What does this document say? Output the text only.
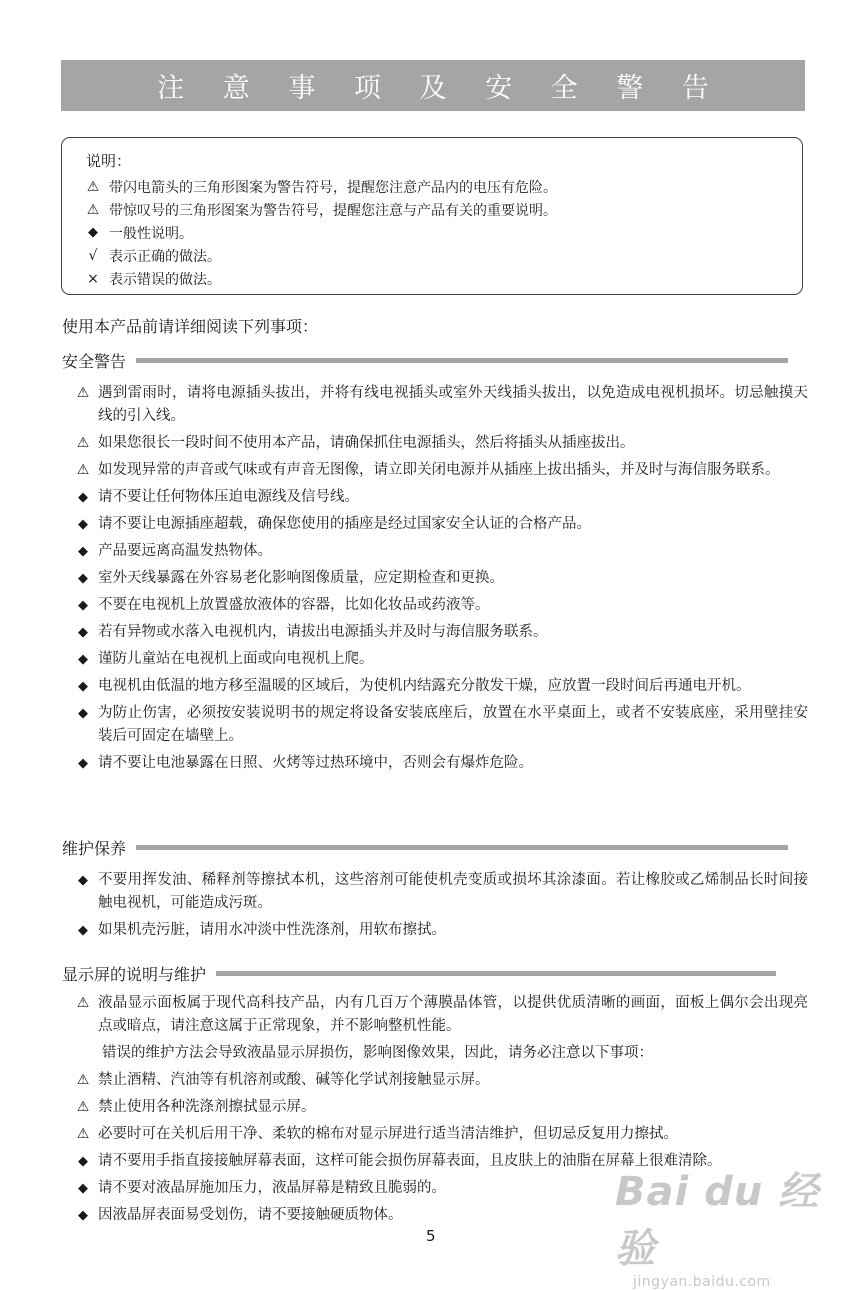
注 意 事 项 及 安 全 警 告
说明：
⚠ 带闪电箭头的三角形图案为警告符号，提醒您注意产品内的电压有危险。
⚠ 带惊叹号的三角形图案为警告符号，提醒您注意与产品有关的重要说明。
◆ 一般性说明。
√ 表示正确的做法。
× 表示错误的做法。
使用本产品前请详细阅读下列事项：
安全警告
⚠ 遇到雷雨时，请将电源插头拔出，并将有线电视插头或室外天线插头拔出，以免造成电视机损坏。切忌触摸天线的引入线。
⚠ 如果您很长一段时间不使用本产品，请确保抓住电源插头，然后将插头从插座拔出。
⚠ 如发现异常的声音或气味或有声音无图像，请立即关闭电源并从插座上拔出插头，并及时与海信服务联系。
◆ 请不要让任何物体压迫电源线及信号线。
◆ 请不要让电源插座超载，确保您使用的插座是经过国家安全认证的合格产品。
◆ 产品要远离高温发热物体。
◆ 室外天线暴露在外容易老化影响图像质量，应定期检查和更换。
◆ 不要在电视机上放置盛放液体的容器，比如化妆品或药液等。
◆ 若有异物或水落入电视机内，请拔出电源插头并及时与海信服务联系。
◆ 谨防儿童站在电视机上面或向电视机上爬。
◆ 电视机由低温的地方移至温暖的区域后，为使机内结露充分散发干燥，应放置一段时间后再通电开机。
◆ 为防止伤害，必须按安装说明书的规定将设备安装底座后，放置在水平桌面上，或者不安装底座，采用壁挂安装后可固定在墙壁上。
◆ 请不要让电池暴露在日照、火烤等过热环境中，否则会有爆炸危险。
维护保养
◆ 不要用挥发油、稀释剂等擦拭本机，这些溶剂可能使机壳变质或损坏其涂漆面。若让橡胶或乙烯制品长时间接触电视机，可能造成污斑。
◆ 如果机壳污脏，请用水冲淡中性洗涤剂，用软布擦拭。
显示屏的说明与维护
⚠ 液晶显示面板属于现代高科技产品，内有几百万个薄膜晶体管，以提供优质清晰的画面，面板上偶尔会出现亮点或暗点，请注意这属于正常现象，并不影响整机性能。
错误的维护方法会导致液晶显示屏损伤，影响图像效果，因此，请务必注意以下事项：
⚠ 禁止酒精、汽油等有机溶剂或酸、碱等化学试剂接触显示屏。
⚠ 禁止使用各种洗涤剂擦拭显示屏。
⚠ 必要时可在关机后用干净、柔软的棉布对显示屏进行适当清洁维护，但切忌反复用力擦拭。
◆ 请不要用手指直接接触屏幕表面，这样可能会损伤屏幕表面，且皮肤上的油脂在屏幕上很难清除。
◆ 请不要对液晶屏施加压力，液晶屏幕是精致且脆弱的。
◆ 因液晶屏表面易受划伤，请不要接触硬质物体。
5
Bai du 经验
jingyan.baidu.com
